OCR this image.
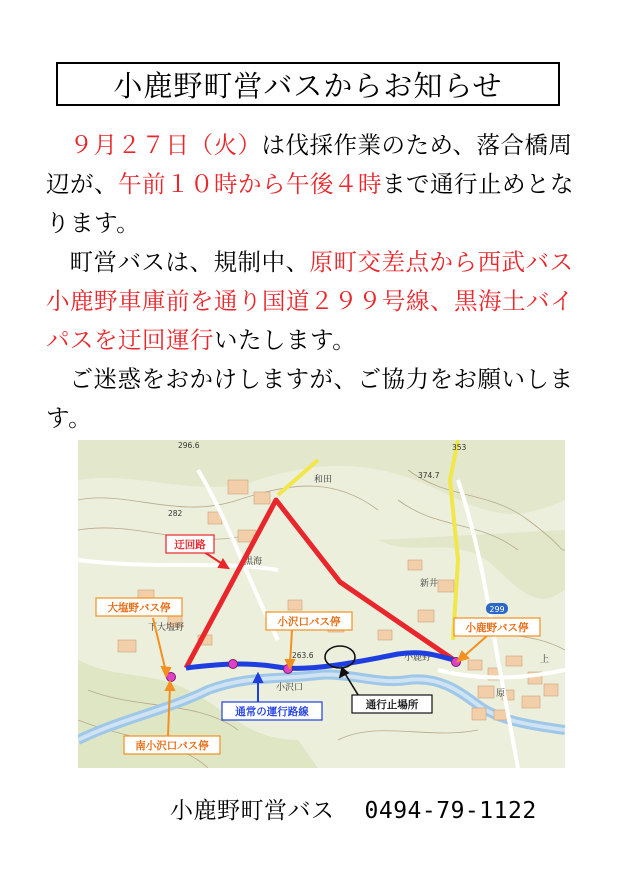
小鹿野町営バスからお知らせ

９月２７日（火）は伐採作業のため、落合橋周辺が、午前１０時から午後４時まで通行止めとなります。

町営バスは、規制中、原町交差点から西武バス小鹿野車庫前を通り国道２９９号線、黒海土バイパスを迂回運行いたします。

ご迷惑をおかけしますが、ご協力をお願いします。

299
和田
黒海
下大塩野
小沢口
新井
小鹿野
原
上
296.6	353
374.7
263.6
282
迂回路
大塩野バス停
小沢口バス停	小鹿野バス停
通常の運行路線
通行止場所
南小沢口バス停
小鹿野町営バス 0494-79-1122
